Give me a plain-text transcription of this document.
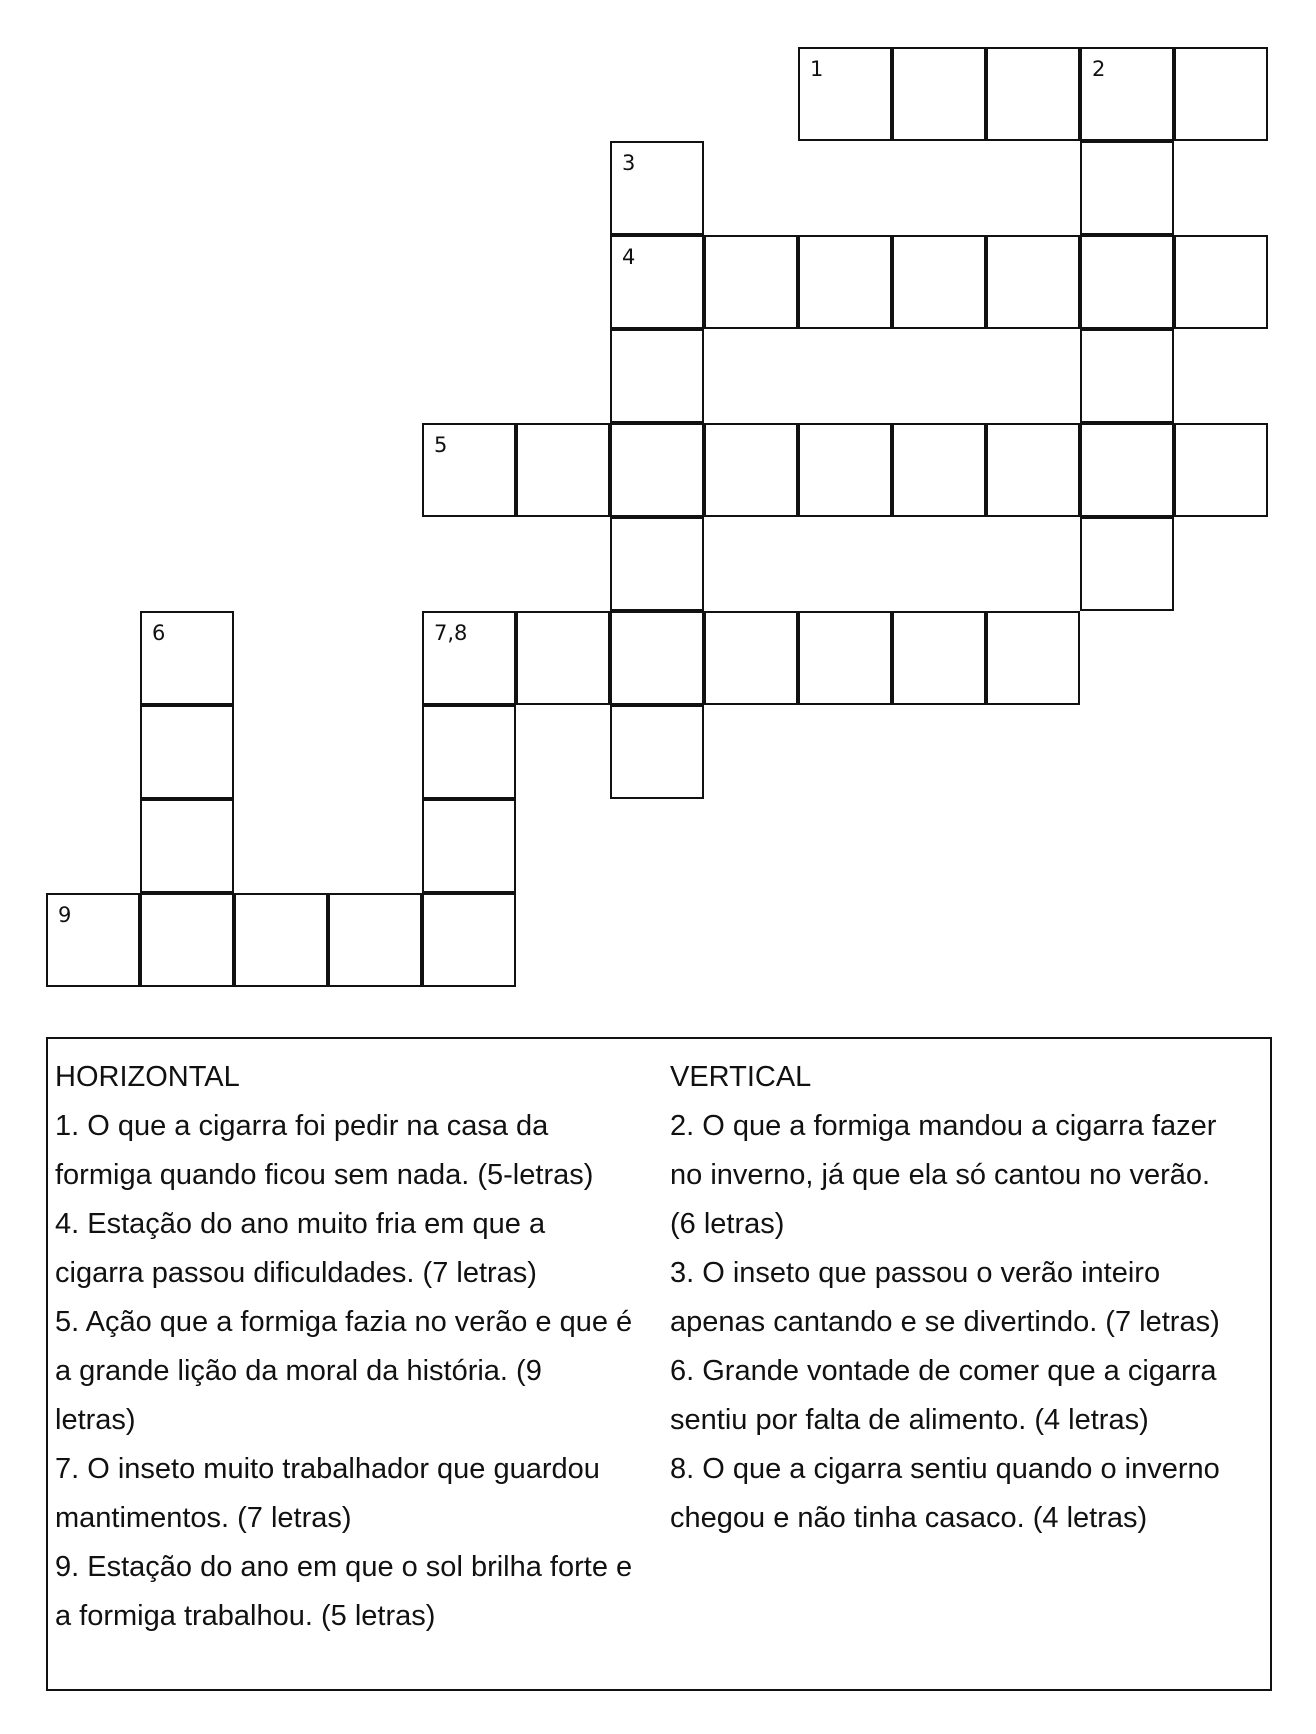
1	2
3
4
5
6	7,8
9
HORIZONTAL

1. O que a cigarra foi pedir na casa da

formiga quando ficou sem nada. (5-letras)

4. Estação do ano muito fria em que a

cigarra passou dificuldades. (7 letras)

5. Ação que a formiga fazia no verão e que é

a grande lição da moral da história. (9

letras)

7. O inseto muito trabalhador que guardou

mantimentos. (7 letras)

9. Estação do ano em que o sol brilha forte e

a formiga trabalhou. (5 letras)

VERTICAL

2. O que a formiga mandou a cigarra fazer

no inverno, já que ela só cantou no verão.

(6 letras)

3. O inseto que passou o verão inteiro

apenas cantando e se divertindo. (7 letras)

6. Grande vontade de comer que a cigarra

sentiu por falta de alimento. (4 letras)

8. O que a cigarra sentiu quando o inverno

chegou e não tinha casaco. (4 letras)
